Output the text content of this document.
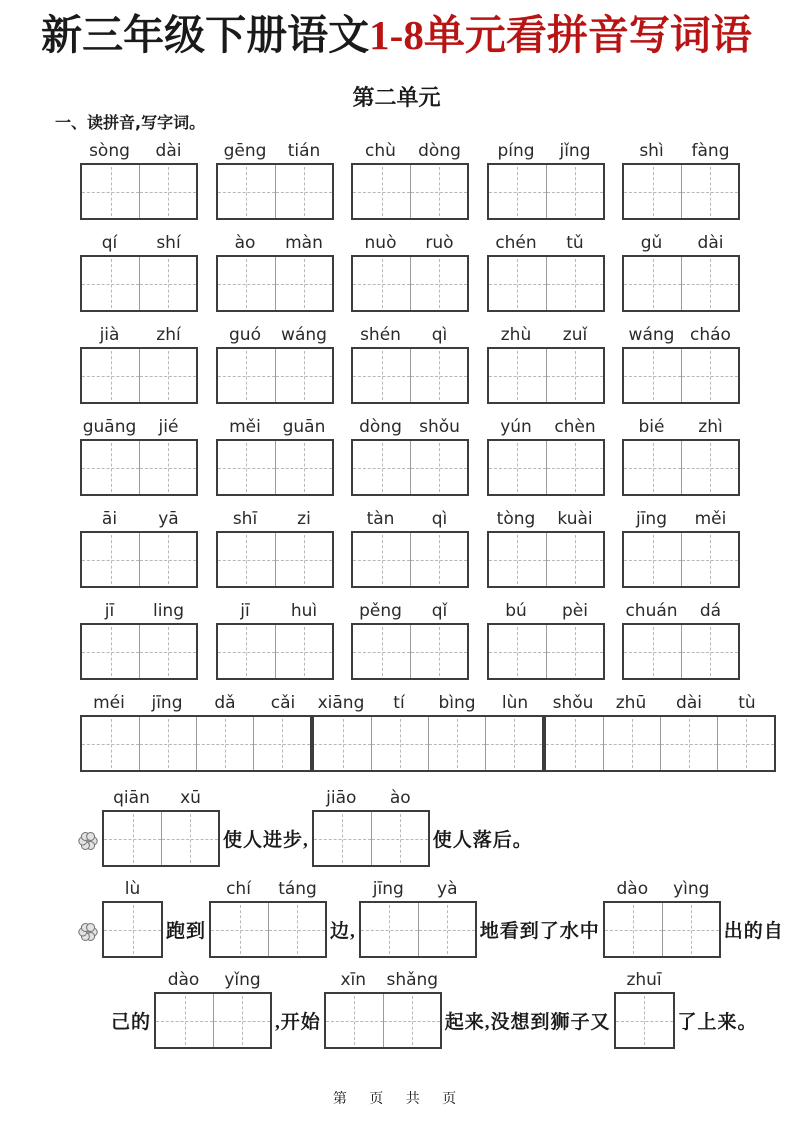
新三年级下册语文1-8单元看拼音写词语
第二单元
一、读拼音,写字词。
sòng	dài	gēng	tián	chù	dòng	píng	jǐng	shì	fàng
qí	shí	ào	màn	nuò	ruò	chén	tǔ	gǔ	dài
jià	zhí	guó	wáng	shén	qì	zhù	zuǐ	wáng cháo
guāng	jié	měi	guān	dòng	shǒu	yún	chèn	bié	zhì
āi	yā	shī	zi	tàn	qì	tòng	kuài	jīng	měi
jī	ling	jī	huì	pěng	qǐ	bú	pèi	chuán	dá
méi	jīng	dǎ	cǎi	xiāng	tí	bìng	lùn	shǒu	zhū	dài	tù
qiān	xū
使人进步,
jiāo	ào
使人落后。
lù
跑到
chí	táng
边,
jīng	yà
地看到了水中
dào	yìng
出的自
己的
dào	yǐng
,开始
xīn	shǎng
起来,没想到狮子又
zhuī
了上来。
第 页 共 页
